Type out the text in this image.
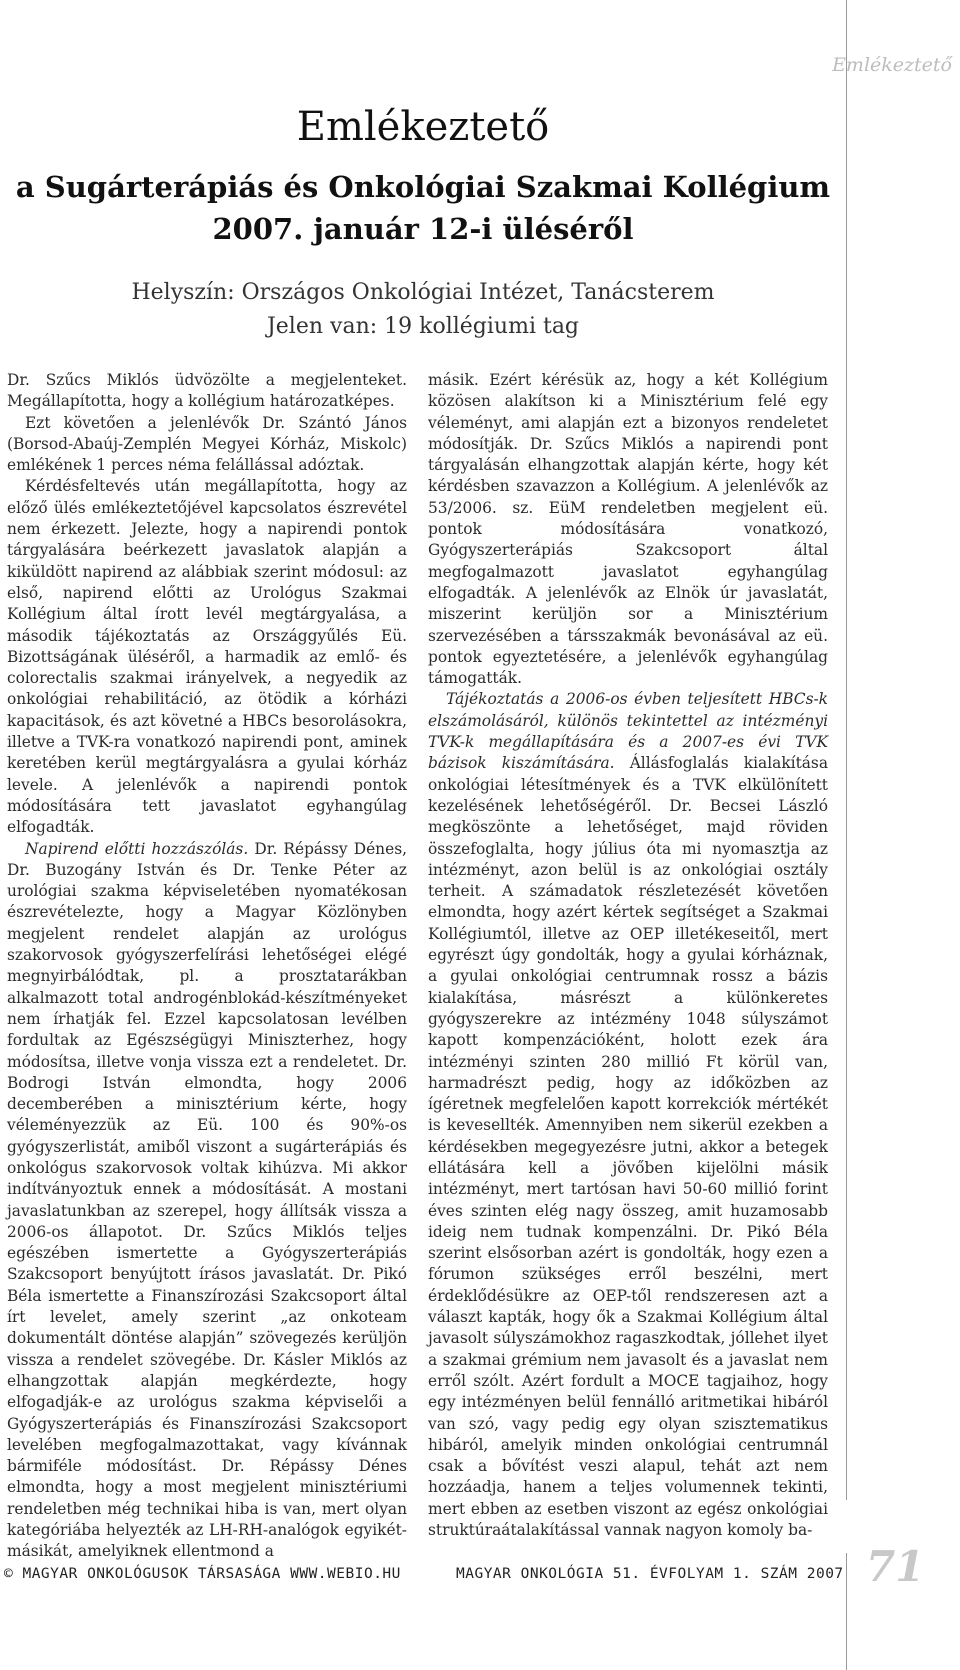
Emlékeztető
Emlékeztető
a Sugárterápiás és Onkológiai Szakmai Kollégium
2007. január 12-i üléséről
Helyszín: Országos Onkológiai Intézet, Tanácsterem
Jelen van: 19 kollégiumi tag

Dr. Szűcs Miklós üdvözölte a megjelenteket. Megállapította, hogy a kollégium határozatképes.

Ezt követően a jelenlévők Dr. Szántó János (Borsod-Abaúj-Zemplén Megyei Kórház, Miskolc) emlékének 1 perces néma felállással adóztak.

Kérdésfeltevés után megállapította, hogy az előző ülés emlékeztetőjével kapcsolatos észrevétel nem érkezett. Jelezte, hogy a napirendi pontok tárgyalására beérkezett javaslatok alapján a kiküldött napirend az alábbiak szerint módosul: az első, napirend előtti az Urológus Szakmai Kollégium által írott levél megtárgyalása, a második tájékoztatás az Országgyűlés Eü. Bizottságának üléséről, a harmadik az emlő- és colorectalis szakmai irányelvek, a negyedik az onkológiai rehabilitáció, az ötödik a kórházi kapacitások, és azt követné a HBCs besorolásokra, illetve a TVK-ra vonatkozó napirendi pont, aminek keretében kerül megtárgyalásra a gyulai kórház levele. A jelenlévők a napirendi pontok módosítására tett javaslatot egyhangúlag elfogadták.

Napirend előtti hozzászólás. Dr. Répássy Dénes, Dr. Buzogány István és Dr. Tenke Péter az urológiai szakma képviseletében nyomatékosan észrevételezte, hogy a Magyar Közlönyben megjelent rendelet alapján az urológus szakorvosok gyógyszerfelírási lehetőségei elégé megnyirbálódtak, pl. a prosztatarákban alkalmazott total androgénblokád-készítményeket nem írhatják fel. Ezzel kapcsolatosan levélben fordultak az Egészségügyi Miniszterhez, hogy módosítsa, illetve vonja vissza ezt a rendeletet. Dr. Bodrogi István elmondta, hogy 2006 decemberében a minisztérium kérte, hogy véleményezzük az Eü. 100 és 90%-os gyógyszerlistát, amiből viszont a sugárterápiás és onkológus szakorvosok voltak kihúzva. Mi akkor indítványoztuk ennek a módosítását. A mostani javaslatunkban az szerepel, hogy állítsák vissza a 2006-os állapotot. Dr. Szűcs Miklós teljes egészében ismertette a Gyógyszerterápiás Szakcsoport benyújtott írásos javaslatát. Dr. Pikó Béla ismertette a Finanszírozási Szakcsoport által írt levelet, amely szerint „az onkoteam dokumentált döntése alapján” szövegezés kerüljön vissza a rendelet szövegébe. Dr. Kásler Miklós az elhangzottak alapján megkérdezte, hogy elfogadják-e az urológus szakma képviselői a Gyógyszerterápiás és Finanszírozási Szakcsoport levelében megfogalmazottakat, vagy kívánnak bármiféle módosítást. Dr. Répássy Dénes elmondta, hogy a most megjelent minisztériumi rendeletben még technikai hiba is van, mert olyan kategóriába helyezték az LH-RH-analógok egyikét-másikát, amelyiknek ellentmond a

másik. Ezért kérésük az, hogy a két Kollégium közösen alakítson ki a Minisztérium felé egy véleményt, ami alapján ezt a bizonyos rendeletet módosítják. Dr. Szűcs Miklós a napirendi pont tárgyalásán elhangzottak alapján kérte, hogy két kérdésben szavazzon a Kollégium. A jelenlévők az 53/2006. sz. EüM rendeletben megjelent eü. pontok módosítására vonatkozó, Gyógyszerterápiás Szakcsoport által megfogalmazott javaslatot egyhangúlag elfogadták. A jelenlévők az Elnök úr javaslatát, miszerint kerüljön sor a Minisztérium szervezésében a társszakmák bevonásával az eü. pontok egyeztetésére, a jelenlévők egyhangúlag támogatták.

Tájékoztatás a 2006-os évben teljesített HBCs-k elszámolásáról, különös tekintettel az intézményi TVK-k megállapítására és a 2007-es évi TVK bázisok kiszámítására. Állásfoglalás kialakítása onkológiai létesítmények és a TVK elkülönített kezelésének lehetőségéről. Dr. Becsei László megköszönte a lehetőséget, majd röviden összefoglalta, hogy július óta mi nyomasztja az intézményt, azon belül is az onkológiai osztály terheit. A számadatok részletezését követően elmondta, hogy azért kértek segítséget a Szakmai Kollégiumtól, illetve az OEP illetékeseitől, mert egyrészt úgy gondolták, hogy a gyulai kórháznak, a gyulai onkológiai centrumnak rossz a bázis kialakítása, másrészt a különkeretes gyógyszerekre az intézmény 1048 súlyszámot kapott kompenzációként, holott ezek ára intézményi szinten 280 millió Ft körül van, harmadrészt pedig, hogy az időközben az ígéretnek megfelelően kapott korrekciók mértékét is kevesellték. Amennyiben nem sikerül ezekben a kérdésekben megegyezésre jutni, akkor a betegek ellátására kell a jövőben kijelölni másik intézményt, mert tartósan havi 50-60 millió forint éves szinten elég nagy összeg, amit huzamosabb ideig nem tudnak kompenzálni. Dr. Pikó Béla szerint elsősorban azért is gondolták, hogy ezen a fórumon szükséges erről beszélni, mert érdeklődésükre az OEP-től rendszeresen azt a választ kapták, hogy ők a Szakmai Kollégium által javasolt súlyszámokhoz ragaszkodtak, jóllehet ilyet a szakmai grémium nem javasolt és a javaslat nem erről szólt. Azért fordult a MOCE tagjaihoz, hogy egy intézményen belül fennálló aritmetikai hibáról van szó, vagy pedig egy olyan szisztematikus hibáról, amelyik minden onkológiai centrumnál csak a bővítést veszi alapul, tehát azt nem hozzáadja, hanem a teljes volumennek tekinti, mert ebben az esetben viszont az egész onkológiai struktúraátalakítással vannak nagyon komoly ba-

© MAGYAR ONKOLÓGUSOK TÁRSASÁGA WWW.WEBIO.HU	MAGYAR ONKOLÓGIA 51. ÉVFOLYAM 1. SZÁM 2007 71
